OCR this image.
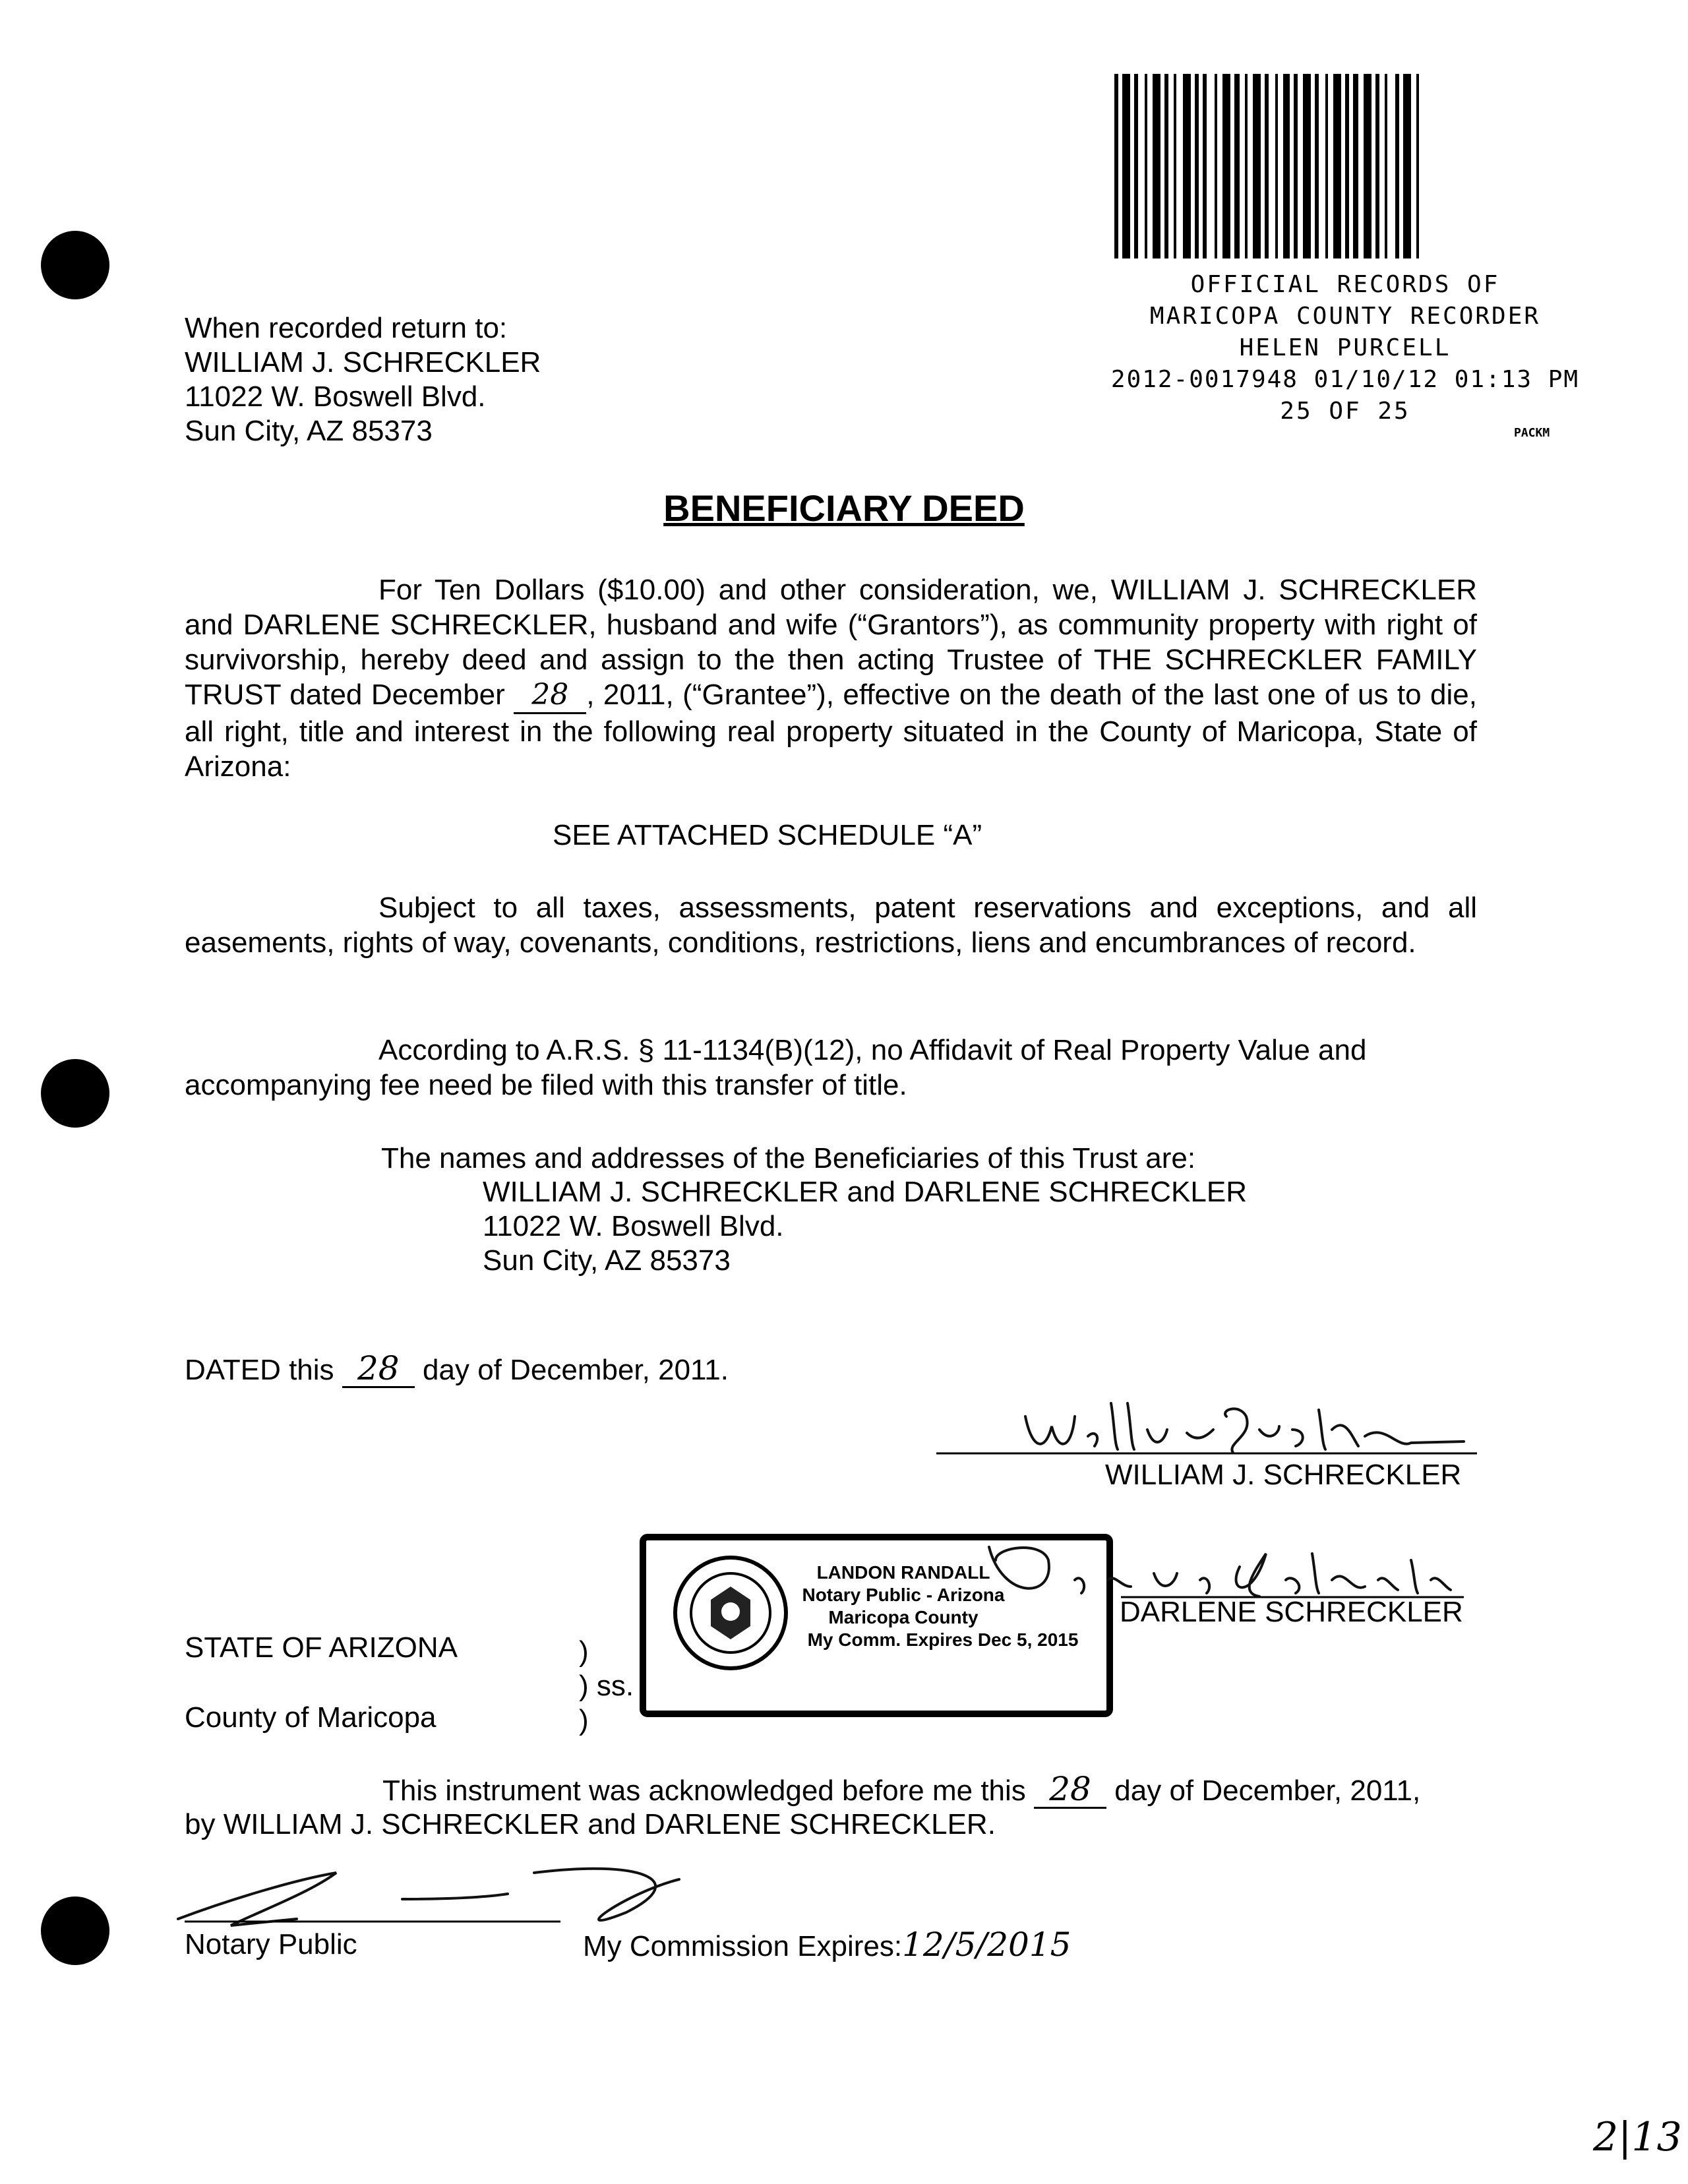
OFFICIAL RECORDS OF
MARICOPA COUNTY RECORDER
HELEN PURCELL
2012-0017948 01/10/12 01:13 PM
25 OF 25
PACKM
When recorded return to:
WILLIAM J. SCHRECKLER
11022 W. Boswell Blvd.
Sun City, AZ 85373
BENEFICIARY DEED
For Ten Dollars ($10.00) and other consideration, we, WILLIAM J. SCHRECKLER and DARLENE SCHRECKLER, husband and wife (“Grantors”), as community property with right of survivorship, hereby deed and assign to the then acting Trustee of THE SCHRECKLER FAMILY TRUST dated December 28 , 2011, (“Grantee”), effective on the death of the last one of us to die, all right, title and interest in the following real property situated in the County of Maricopa, State of Arizona:
SEE ATTACHED SCHEDULE “A”
Subject to all taxes, assessments, patent reservations and exceptions, and all easements, rights of way, covenants, conditions, restrictions, liens and encumbrances of record.
According to A.R.S. § 11-1134(B)(12), no Affidavit of Real Property Value and accompanying fee need be filed with this transfer of title.
The names and addresses of the Beneficiaries of this Trust are:
WILLIAM J. SCHRECKLER and DARLENE SCHRECKLER
11022 W. Boswell Blvd.
Sun City, AZ 85373
DATED this 28 day of December, 2011.
WILLIAM J. SCHRECKLER
LANDON RANDALL
Notary Public - Arizona
Maricopa County
My Comm. Expires Dec 5, 2015
DARLENE SCHRECKLER
STATE OF ARIZONA
County of Maricopa
)
) ss.
)
This instrument was acknowledged before me this 28 day of December, 2011,
by WILLIAM J. SCHRECKLER and DARLENE SCHRECKLER.
Notary Public	My Commission Expires:12/5/2015
2|13
